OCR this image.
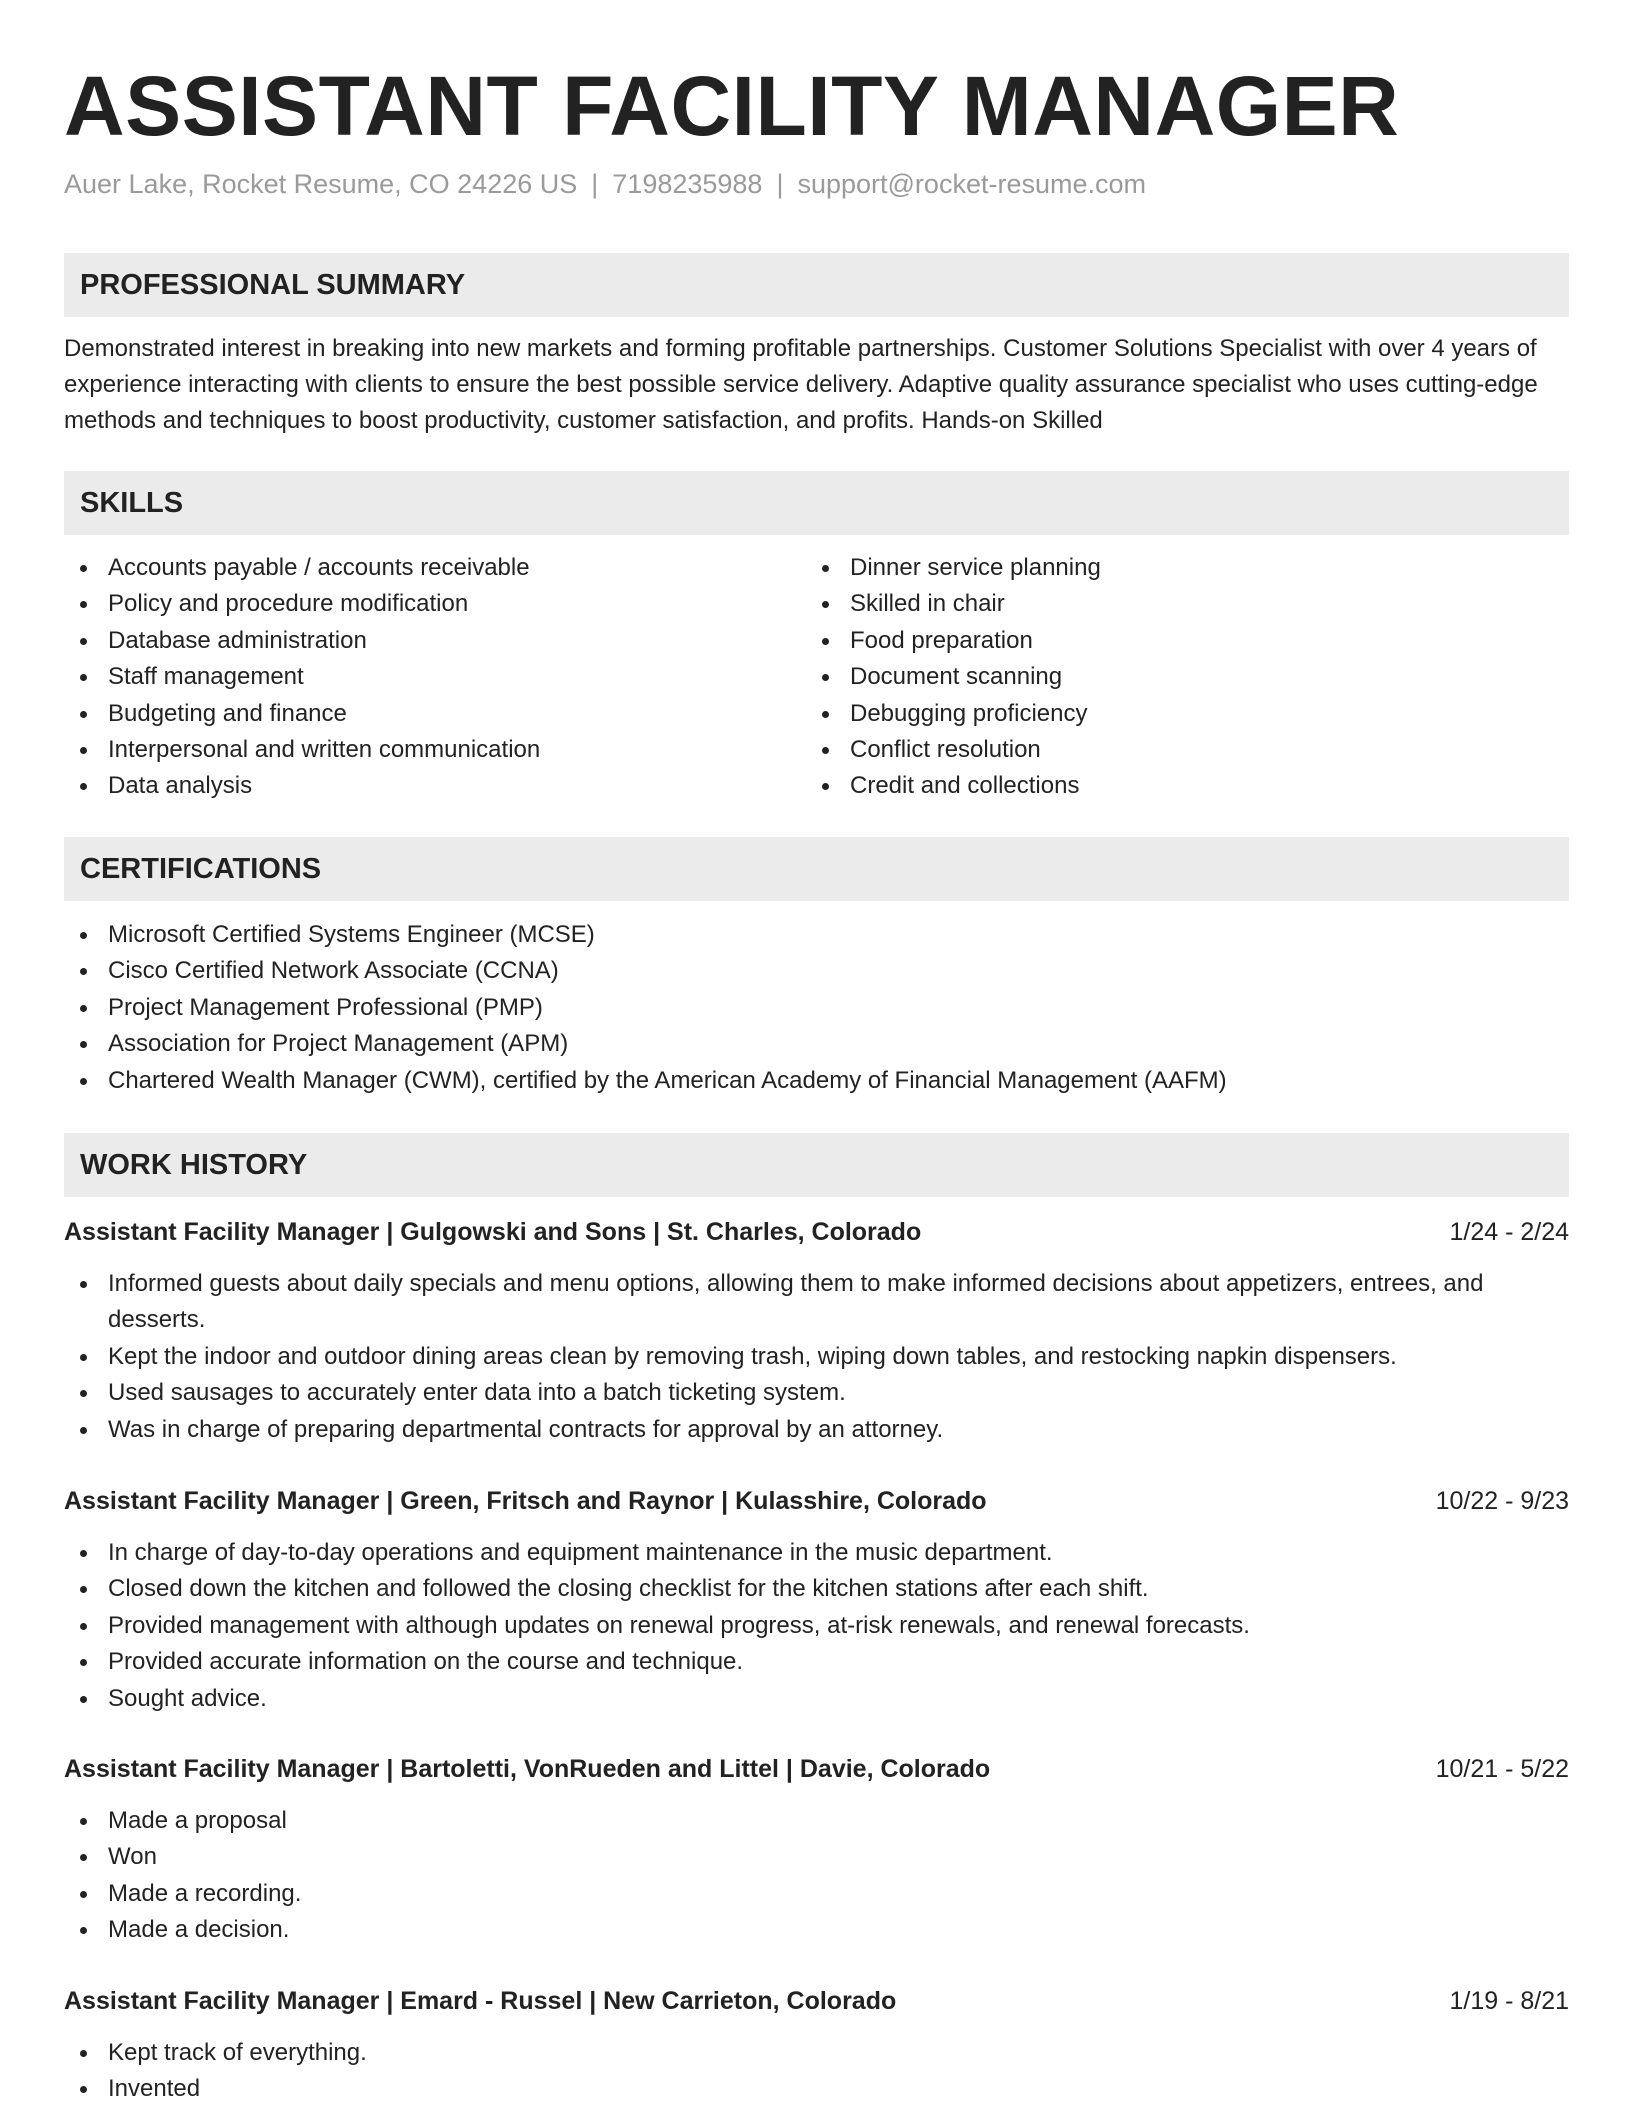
ASSISTANT FACILITY MANAGER
Auer Lake, Rocket Resume, CO 24226 US | 7198235988 | support@rocket-resume.com
PROFESSIONAL SUMMARY
Demonstrated interest in breaking into new markets and forming profitable partnerships. Customer Solutions Specialist with over 4 years of experience interacting with clients to ensure the best possible service delivery. Adaptive quality assurance specialist who uses cutting-edge methods and techniques to boost productivity, customer satisfaction, and profits. Hands-on Skilled
SKILLS
Accounts payable / accounts receivable
Policy and procedure modification
Database administration
Staff management
Budgeting and finance
Interpersonal and written communication
Data analysis
Dinner service planning
Skilled in chair
Food preparation
Document scanning
Debugging proficiency
Conflict resolution
Credit and collections
CERTIFICATIONS
Microsoft Certified Systems Engineer (MCSE)
Cisco Certified Network Associate (CCNA)
Project Management Professional (PMP)
Association for Project Management (APM)
Chartered Wealth Manager (CWM), certified by the American Academy of Financial Management (AAFM)
WORK HISTORY
Assistant Facility Manager | Gulgowski and Sons | St. Charles, Colorado	1/24 - 2/24
Informed guests about daily specials and menu options, allowing them to make informed decisions about appetizers, entrees, and desserts.
Kept the indoor and outdoor dining areas clean by removing trash, wiping down tables, and restocking napkin dispensers.
Used sausages to accurately enter data into a batch ticketing system.
Was in charge of preparing departmental contracts for approval by an attorney.
Assistant Facility Manager | Green, Fritsch and Raynor | Kulasshire, Colorado	10/22 - 9/23
In charge of day-to-day operations and equipment maintenance in the music department.
Closed down the kitchen and followed the closing checklist for the kitchen stations after each shift.
Provided management with although updates on renewal progress, at-risk renewals, and renewal forecasts.
Provided accurate information on the course and technique.
Sought advice.
Assistant Facility Manager | Bartoletti, VonRueden and Littel | Davie, Colorado	10/21 - 5/22
Made a proposal
Won
Made a recording.
Made a decision.
Assistant Facility Manager | Emard - Russel | New Carrieton, Colorado	1/19 - 8/21
Kept track of everything.
Invented
